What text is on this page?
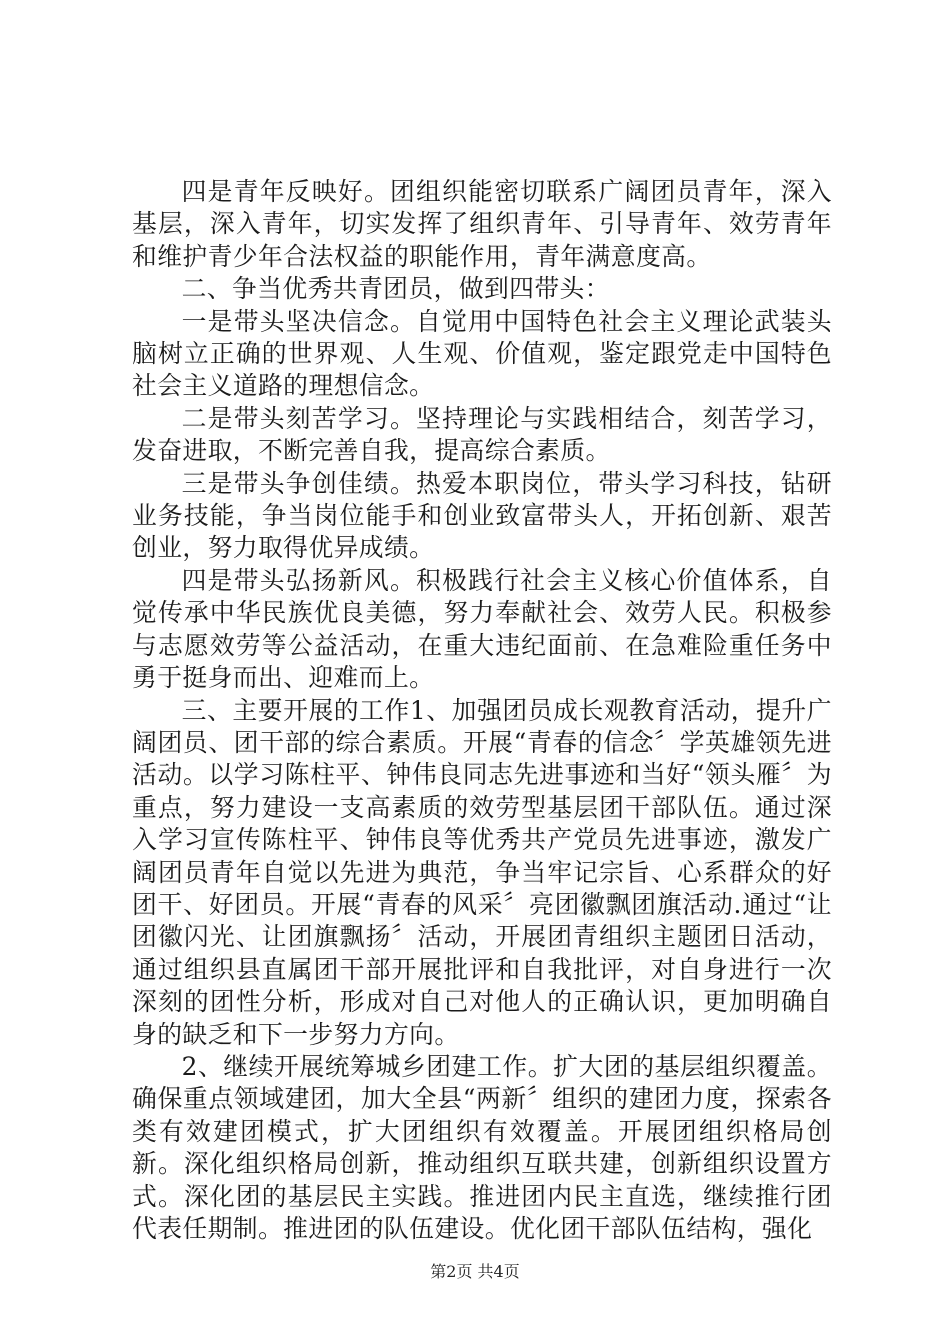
四是青年反映好。团组织能密切联系广阔团员青年，深入基层，深入青年，切实发挥了组织青年、引导青年、效劳青年和维护青少年合法权益的职能作用，青年满意度高。

二、争当优秀共青团员，做到四带头：

一是带头坚决信念。自觉用中国特色社会主义理论武装头脑树立正确的世界观、人生观、价值观，鉴定跟党走中国特色社会主义道路的理想信念。

二是带头刻苦学习。坚持理论与实践相结合，刻苦学习，发奋进取，不断完善自我，提高综合素质。

三是带头争创佳绩。热爱本职岗位，带头学习科技，钻研业务技能，争当岗位能手和创业致富带头人，开拓创新、艰苦创业，努力取得优异成绩。

四是带头弘扬新风。积极践行社会主义核心价值体系，自觉传承中华民族优良美德，努力奉献社会、效劳人民。积极参与志愿效劳等公益活动，在重大违纪面前、在急难险重任务中勇于挺身而出、迎难而上。

三、主要开展的工作1、加强团员成长观教育活动，提升广阔团员、团干部的综合素质。开展“青春的信念〞学英雄领先进活动。以学习陈柱平、钟伟良同志先进事迹和当好“领头雁〞为重点，努力建设一支高素质的效劳型基层团干部队伍。通过深入学习宣传陈柱平、钟伟良等优秀共产党员先进事迹，激发广阔团员青年自觉以先进为典范，争当牢记宗旨、心系群众的好团干、好团员。开展“青春的风采〞亮团徽飘团旗活动.通过“让团徽闪光、让团旗飘扬〞活动，开展团青组织主题团日活动，通过组织县直属团干部开展批评和自我批评，对自身进行一次深刻的团性分析，形成对自己对他人的正确认识，更加明确自身的缺乏和下一步努力方向。

2、继续开展统筹城乡团建工作。扩大团的基层组织覆盖。确保重点领域建团，加大全县“两新〞组织的建团力度，探索各类有效建团模式，扩大团组织有效覆盖。开展团组织格局创新。深化组织格局创新，推动组织互联共建，创新组织设置方式。深化团的基层民主实践。推进团内民主直选，继续推行团代表任期制。推进团的队伍建设。优化团干部队伍结构，强化

第2页 共4页
